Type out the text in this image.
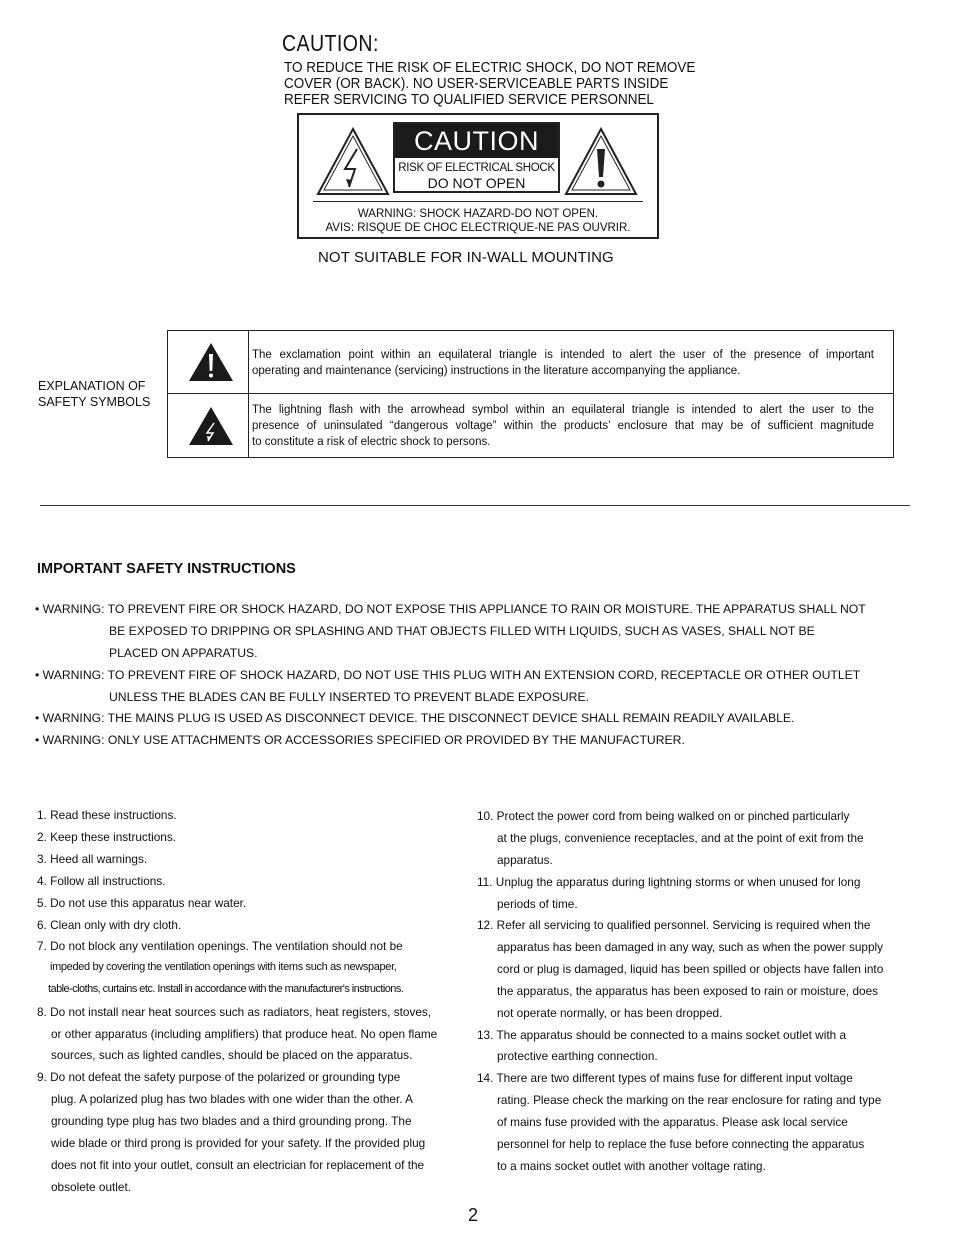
CAUTION:
TO REDUCE THE RISK OF ELECTRIC SHOCK, DO NOT REMOVE
COVER (OR BACK). NO USER-SERVICEABLE PARTS INSIDE
REFER SERVICING TO QUALIFIED SERVICE PERSONNEL
CAUTION
RISK OF ELECTRICAL SHOCK
DO NOT OPEN
WARNING: SHOCK HAZARD-DO NOT OPEN.
AVIS: RISQUE DE CHOC ELECTRIQUE-NE PAS OUVRIR.
NOT SUITABLE FOR IN-WALL MOUNTING
EXPLANATION OF
SAFETY SYMBOLS
The exclamation point within an equilateral triangle is intended to alert the user of the presence of important
operating and maintenance (servicing) instructions in the literature accompanying the appliance.
The lightning flash with the arrowhead symbol within an equilateral triangle is intended to alert the user to the
presence of uninsulated “dangerous voltage” within the products’ enclosure that may be of sufficient magnitude
to constitute a risk of electric shock to persons.
IMPORTANT SAFETY INSTRUCTIONS
• WARNING: TO PREVENT FIRE OR SHOCK HAZARD, DO NOT EXPOSE THIS APPLIANCE TO RAIN OR MOISTURE. THE APPARATUS SHALL NOT
BE EXPOSED TO DRIPPING OR SPLASHING AND THAT OBJECTS FILLED WITH LIQUIDS, SUCH AS VASES, SHALL NOT BE
PLACED ON APPARATUS.
• WARNING: TO PREVENT FIRE OF SHOCK HAZARD, DO NOT USE THIS PLUG WITH AN EXTENSION CORD, RECEPTACLE OR OTHER OUTLET
UNLESS THE BLADES CAN BE FULLY INSERTED TO PREVENT BLADE EXPOSURE.
• WARNING: THE MAINS PLUG IS USED AS DISCONNECT DEVICE. THE DISCONNECT DEVICE SHALL REMAIN READILY AVAILABLE.
• WARNING: ONLY USE ATTACHMENTS OR ACCESSORIES SPECIFIED OR PROVIDED BY THE MANUFACTURER.
1. Read these instructions.
2. Keep these instructions.
3. Heed all warnings.
4. Follow all instructions.
5. Do not use this apparatus near water.
6. Clean only with dry cloth.
7. Do not block any ventilation openings. The ventilation should not be
impeded by covering the ventilation openings with items such as newspaper,
table-cloths, curtains etc. Install in accordance with the manufacturer's instructions.
8. Do not install near heat sources such as radiators, heat registers, stoves,
or other apparatus (including amplifiers) that produce heat. No open flame
sources, such as lighted candles, should be placed on the apparatus.
9. Do not defeat the safety purpose of the polarized or grounding type
plug. A polarized plug has two blades with one wider than the other. A
grounding type plug has two blades and a third grounding prong. The
wide blade or third prong is provided for your safety. If the provided plug
does not fit into your outlet, consult an electrician for replacement of the
obsolete outlet.
10. Protect the power cord from being walked on or pinched particularly
at the plugs, convenience receptacles, and at the point of exit from the
apparatus.
11. Unplug the apparatus during lightning storms or when unused for long
periods of time.
12. Refer all servicing to qualified personnel. Servicing is required when the
apparatus has been damaged in any way, such as when the power supply
cord or plug is damaged, liquid has been spilled or objects have fallen into
the apparatus, the apparatus has been exposed to rain or moisture, does
not operate normally, or has been dropped.
13. The apparatus should be connected to a mains socket outlet with a
protective earthing connection.
14. There are two different types of mains fuse for different input voltage
rating. Please check the marking on the rear enclosure for rating and type
of mains fuse provided with the apparatus. Please ask local service
personnel for help to replace the fuse before connecting the apparatus
to a mains socket outlet with another voltage rating.
2
